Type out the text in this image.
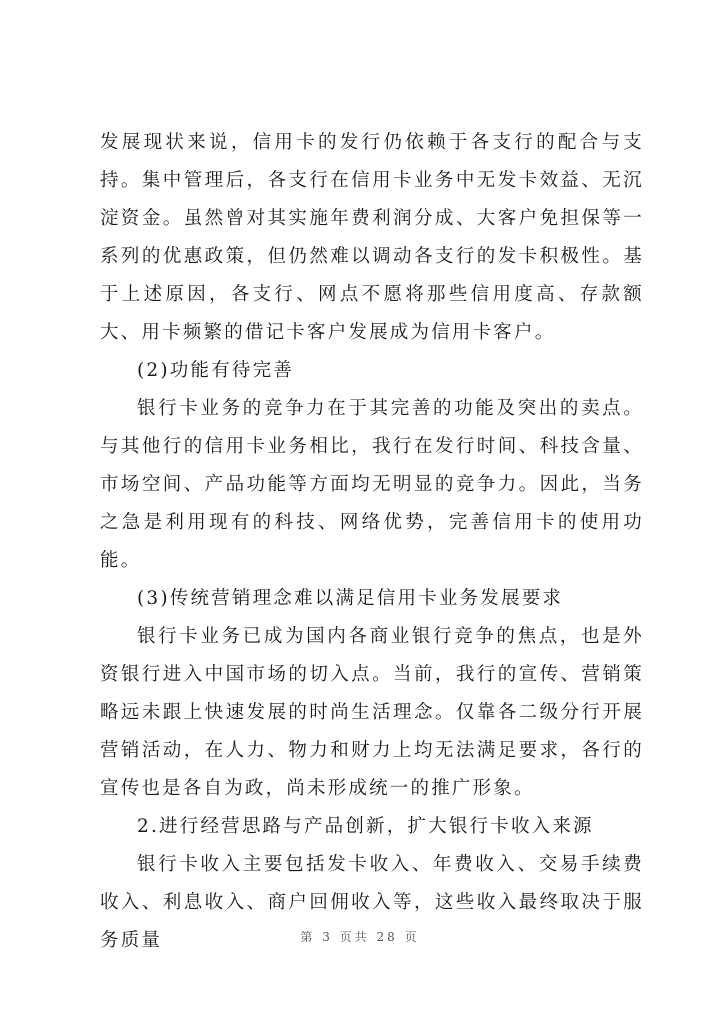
发展现状来说，信用卡的发行仍依赖于各支行的配合与支持。集中管理后，各支行在信用卡业务中无发卡效益、无沉淀资金。虽然曾对其实施年费利润分成、大客户免担保等一系列的优惠政策，但仍然难以调动各支行的发卡积极性。基于上述原因，各支行、网点不愿将那些信用度高、存款额大、用卡频繁的借记卡客户发展成为信用卡客户。

(2)功能有待完善

银行卡业务的竞争力在于其完善的功能及突出的卖点。与其他行的信用卡业务相比，我行在发行时间、科技含量、市场空间、产品功能等方面均无明显的竞争力。因此，当务之急是利用现有的科技、网络优势，完善信用卡的使用功能。

(3)传统营销理念难以满足信用卡业务发展要求

银行卡业务已成为国内各商业银行竞争的焦点，也是外资银行进入中国市场的切入点。当前，我行的宣传、营销策略远未跟上快速发展的时尚生活理念。仅靠各二级分行开展营销活动，在人力、物力和财力上均无法满足要求，各行的宣传也是各自为政，尚未形成统一的推广形象。

2.进行经营思路与产品创新，扩大银行卡收入来源

银行卡收入主要包括发卡收入、年费收入、交易手续费收入、利息收入、商户回佣收入等，这些收入最终取决于服务质量	第 3 页共 28 页
